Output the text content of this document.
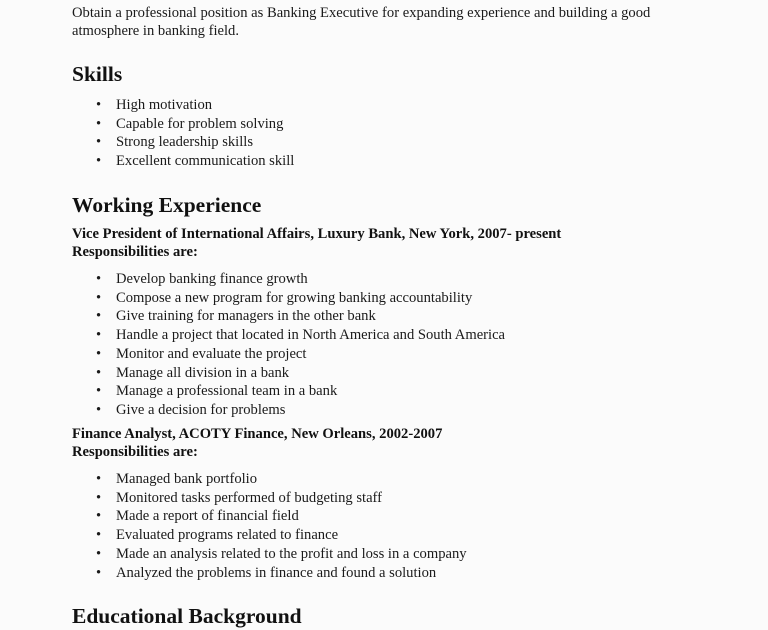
Obtain a professional position as Banking Executive for expanding experience and building a good atmosphere in banking field.

Skills
• High motivation
• Capable for problem solving
• Strong leadership skills
• Excellent communication skill
Working Experience
Vice President of International Affairs, Luxury Bank, New York, 2007- present
Responsibilities are:
• Develop banking finance growth
• Compose a new program for growing banking accountability
• Give training for managers in the other bank
• Handle a project that located in North America and South America
• Monitor and evaluate the project
• Manage all division in a bank
• Manage a professional team in a bank
• Give a decision for problems
Finance Analyst, ACOTY Finance, New Orleans, 2002-2007
Responsibilities are:
• Managed bank portfolio
• Monitored tasks performed of budgeting staff
• Made a report of financial field
• Evaluated programs related to finance
• Made an analysis related to the profit and loss in a company
• Analyzed the problems in finance and found a solution
Educational Background
